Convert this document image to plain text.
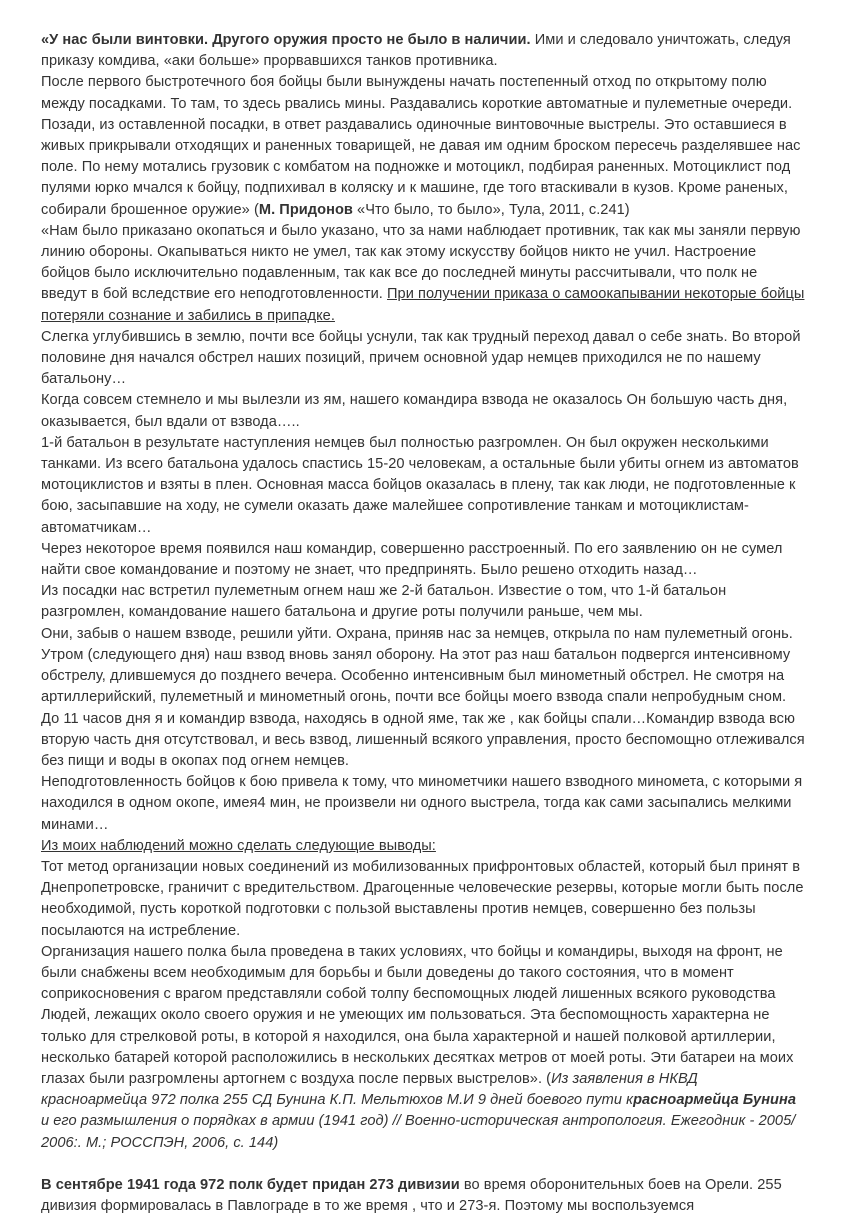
«У нас были винтовки. Другого оружия просто не было в наличии. Ими и следовало уничтожать, следуя приказу комдива, «аки больше» прорвавшихся танков противника.

После первого быстротечного боя бойцы были вынуждены начать постепенный отход по открытому полю между посадками. То там, то здесь рвались мины. Раздавались короткие автоматные и пулеметные очереди. Позади, из оставленной посадки, в ответ раздавались одиночные винтовочные выстрелы. Это оставшиеся в живых прикрывали отходящих и раненных товарищей, не давая им одним броском пересечь разделявшее нас поле. По нему мотались грузовик с комбатом на подножке и мотоцикл, подбирая раненных. Мотоциклист под пулями юрко мчался к бойцу, подпихивал в коляску и к машине, где того втаскивали в кузов. Кроме раненых, собирали брошенное оружие» (М. Придонов «Что было, то было», Тула, 2011, с.241)

«Нам было приказано окопаться и было указано, что за нами наблюдает противник, так как мы заняли первую линию обороны. Окапываться никто не умел, так как этому искусству бойцов никто не учил. Настроение бойцов было исключительно подавленным, так как все до последней минуты рассчитывали, что полк не введут в бой вследствие его неподготовленности. При получении приказа о самоокапывании некоторые бойцы потеряли сознание и забились в припадке.

Слегка углубившись в землю, почти все бойцы уснули, так как трудный переход давал о себе знать. Во второй половине дня начался обстрел наших позиций, причем основной удар немцев приходился не по нашему батальону…

Когда совсем стемнело и мы вылезли из ям, нашего командира взвода не оказалось Он большую часть дня, оказывается, был вдали от взвода…..

1-й батальон в результате наступления немцев был полностью разгромлен. Он был окружен несколькими танками. Из всего батальона удалось спастись 15-20 человекам, а остальные были убиты огнем из автоматов мотоциклистов и взяты в плен. Основная масса бойцов оказалась в плену, так как люди, не подготовленные к бою, засыпавшие на ходу, не сумели оказать даже малейшее сопротивление танкам и мотоциклистам-автоматчикам…

Через некоторое время появился наш командир, совершенно расстроенный. По его заявлению он не сумел найти свое командование и поэтому не знает, что предпринять. Было решено отходить назад…

Из посадки нас встретил пулеметным огнем наш же 2-й батальон. Известие о том, что 1-й батальон разгромлен, командование нашего батальона и другие роты получили раньше, чем мы.

Они, забыв о нашем взводе, решили уйти. Охрана, приняв нас за немцев, открыла по нам пулеметный огонь. Утром (следующего дня) наш взвод вновь занял оборону. На этот раз наш батальон подвергся интенсивному обстрелу, длившемуся до позднего вечера. Особенно интенсивным был минометный обстрел. Не смотря на артиллерийский, пулеметный и минометный огонь, почти все бойцы моего взвода спали непробудным сном. До 11 часов дня я и командир взвода, находясь в одной яме, так же , как бойцы спали…Командир взвода всю вторую часть дня отсутствовал, и весь взвод, лишенный всякого управления, просто беспомощно отлеживался без пищи и воды в окопах под огнем немцев.

Неподготовленность бойцов к бою привела к тому, что минометчики нашего взводного миномета, с которыми я находился в одном окопе, имея4 мин, не произвели ни одного выстрела, тогда как сами засыпались мелкими минами…

Из моих наблюдений можно сделать следующие выводы:

Тот метод организации новых соединений из мобилизованных прифронтовых областей, который был принят в Днепропетровске, граничит с вредительством. Драгоценные человеческие резервы, которые могли быть после необходимой, пусть короткой подготовки с пользой выставлены против немцев, совершенно без пользы посылаются на истребление.

Организация нашего полка была проведена в таких условиях, что бойцы и командиры, выходя на фронт, не были снабжены всем необходимым для борьбы и были доведены до такого состояния, что в момент соприкосновения с врагом представляли собой толпу беспомощных людей лишенных всякого руководства Людей, лежащих около своего оружия и не умеющих им пользоваться. Эта беспомощность характерна не только для стрелковой роты, в которой я находился, она была характерной и нашей полковой артиллерии, несколько батарей которой расположились в нескольких десятках метров от моей роты. Эти батареи на моих глазах были разгромлены артогнем с воздуха после первых выстрелов». (Из заявления в НКВД красноармейца 972 полка 255 СД Бунина К.П. Мельтюхов М.И 9 дней боевого пути красноармейца Бунина и его размышления о порядках в армии (1941 год) // Военно-историческая антропология. Ежегодник - 2005/ 2006:. М.; РОССПЭН, 2006, с. 144)

В сентябре 1941 года 972 полк будет придан 273 дивизии во время оборонительных боев на Орели. 255 дивизия формировалась в Павлограде в то же время , что и 273-я. Поэтому мы воспользуемся
